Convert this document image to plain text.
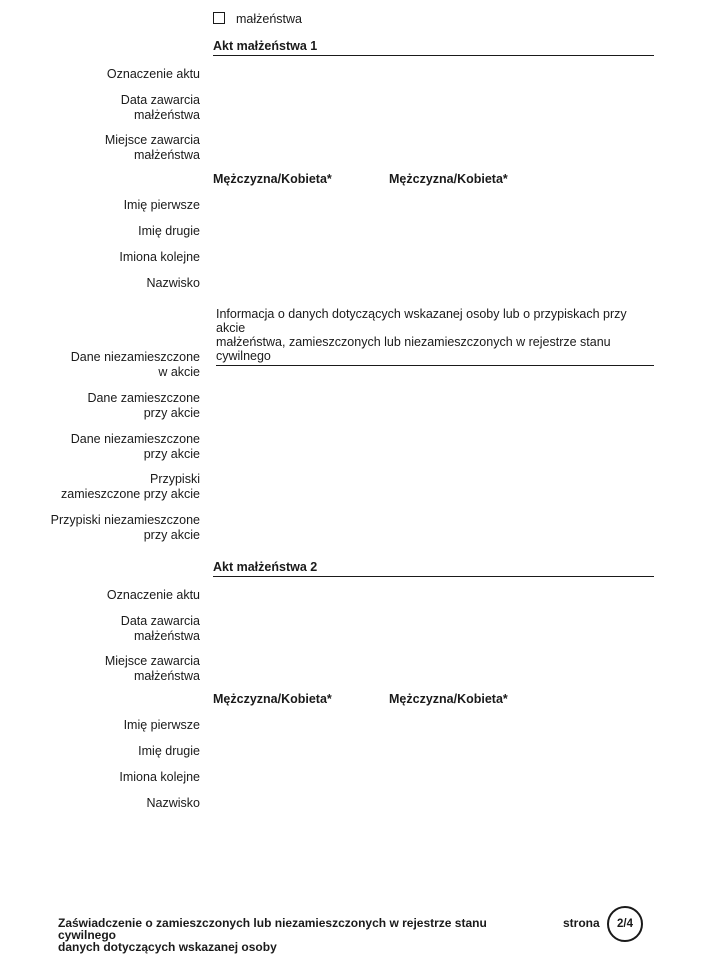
małżeństwa
Akt małżeństwa 1
Oznaczenie aktu
Data zawarcia
małżeństwa
Miejsce zawarcia
małżeństwa
Mężczyzna/Kobieta*	Mężczyzna/Kobieta*
Imię pierwsze
Imię drugie
Imiona kolejne
Nazwisko
Informacja o danych dotyczących wskazanej osoby lub o przypiskach przy akcie
małżeństwa, zamieszczonych lub niezamieszczonych w rejestrze stanu cywilnego
Dane niezamieszczone
w akcie
Dane zamieszczone
przy akcie
Dane niezamieszczone
przy akcie
Przypiski
zamieszczone przy akcie
Przypiski niezamieszczone
przy akcie
Akt małżeństwa 2
Oznaczenie aktu
Data zawarcia
małżeństwa
Miejsce zawarcia
małżeństwa
Mężczyzna/Kobieta*	Mężczyzna/Kobieta*
Imię pierwsze
Imię drugie
Imiona kolejne
Nazwisko
Zaświadczenie o zamieszczonych lub niezamieszczonych w rejestrze stanu cywilnego
danych dotyczących wskazanej osoby
strona 2/4
